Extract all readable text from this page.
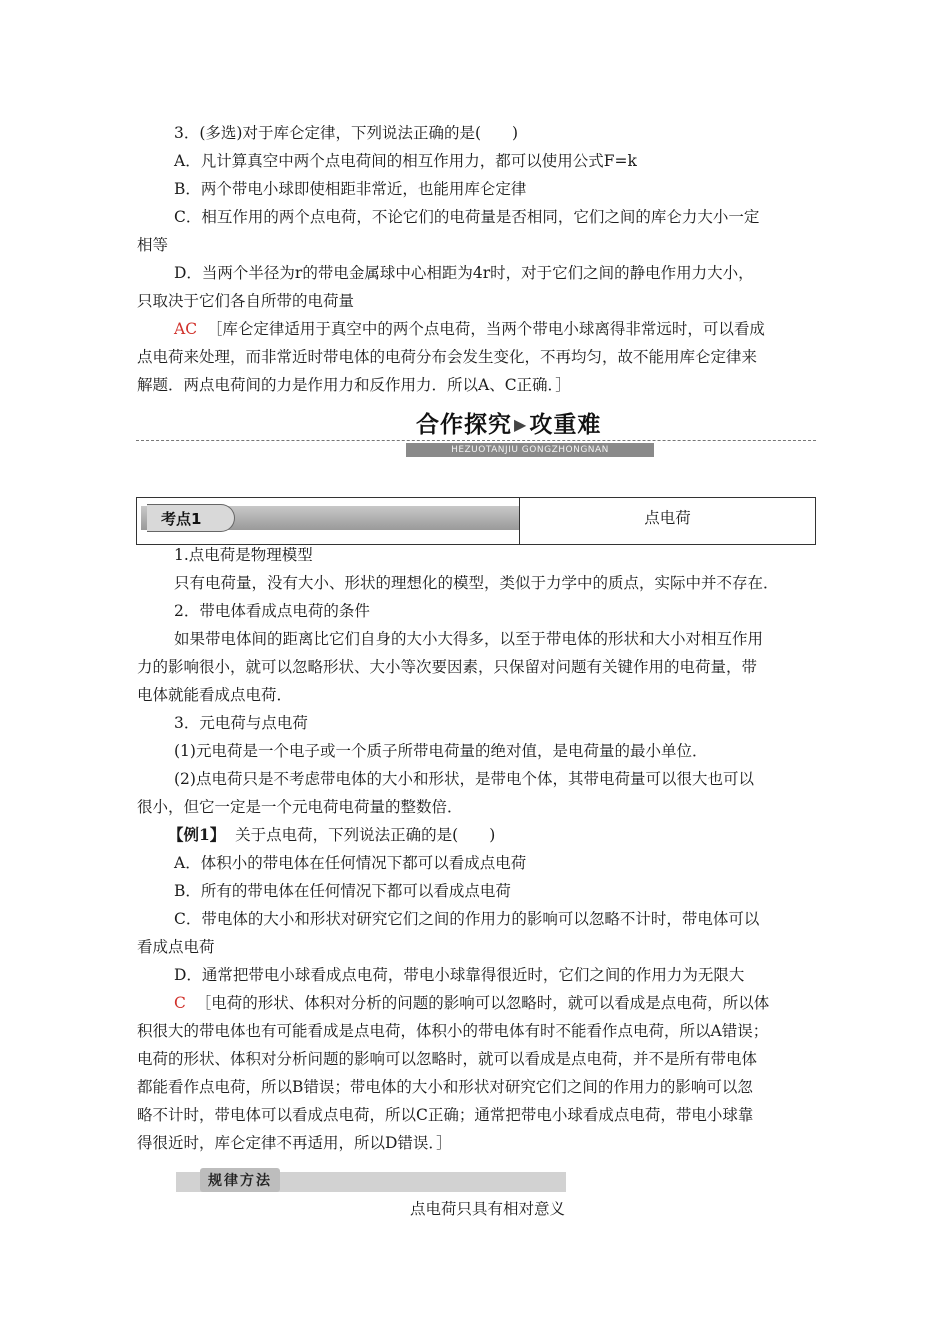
3．(多选)对于库仑定律，下列说法正确的是(　　)
A．凡计算真空中两个点电荷间的相互作用力，都可以使用公式F=k
B．两个带电小球即使相距非常近，也能用库仑定律
C．相互作用的两个点电荷，不论它们的电荷量是否相同，它们之间的库仑力大小一定
相等
D．当两个半径为r的带电金属球中心相距为4r时，对于它们之间的静电作用力大小，
只取决于它们各自所带的电荷量
AC ［库仑定律适用于真空中的两个点电荷，当两个带电小球离得非常远时，可以看成
点电荷来处理，而非常近时带电体的电荷分布会发生变化，不再均匀，故不能用库仑定律来
解题．两点电荷间的力是作用力和反作用力．所以A、C正确．］
合作探究 ▶攻重难
HEZUOTANJIU GONGZHONGNAN
考点1	点电荷
1.点电荷是物理模型
只有电荷量，没有大小、形状的理想化的模型，类似于力学中的质点，实际中并不存在．
2．带电体看成点电荷的条件
如果带电体间的距离比它们自身的大小大得多，以至于带电体的形状和大小对相互作用
力的影响很小，就可以忽略形状、大小等次要因素，只保留对问题有关键作用的电荷量，带
电体就能看成点电荷．
3．元电荷与点电荷
(1)元电荷是一个电子或一个质子所带电荷量的绝对值，是电荷量的最小单位．
(2)点电荷只是不考虑带电体的大小和形状，是带电个体，其带电荷量可以很大也可以
很小，但它一定是一个元电荷电荷量的整数倍．
【例1】 关于点电荷，下列说法正确的是(　　)
A．体积小的带电体在任何情况下都可以看成点电荷
B．所有的带电体在任何情况下都可以看成点电荷
C．带电体的大小和形状对研究它们之间的作用力的影响可以忽略不计时，带电体可以
看成点电荷
D．通常把带电小球看成点电荷，带电小球靠得很近时，它们之间的作用力为无限大
C ［电荷的形状、体积对分析的问题的影响可以忽略时，就可以看成是点电荷，所以体
积很大的带电体也有可能看成是点电荷，体积小的带电体有时不能看作点电荷，所以A错误；
电荷的形状、体积对分析问题的影响可以忽略时，就可以看成是点电荷，并不是所有带电体
都能看作点电荷，所以B错误；带电体的大小和形状对研究它们之间的作用力的影响可以忽
略不计时，带电体可以看成点电荷，所以C正确；通常把带电小球看成点电荷，带电小球靠
得很近时，库仑定律不再适用，所以D错误．］
规律方法
点电荷只具有相对意义
